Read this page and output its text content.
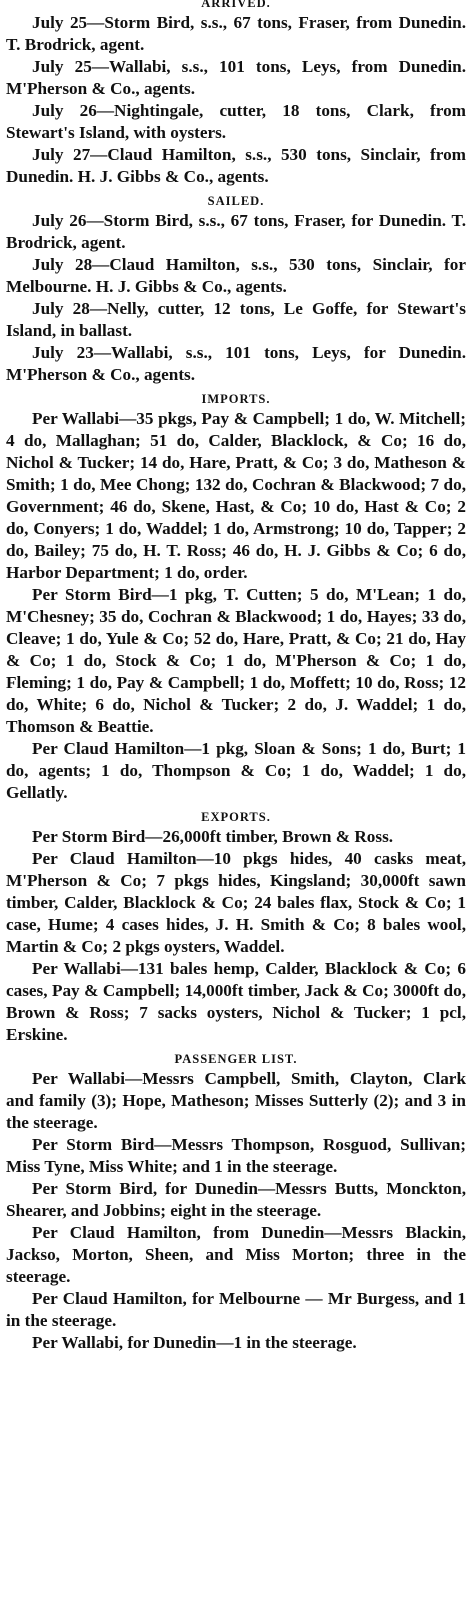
ARRIVED.

July 25—Storm Bird, s.s., 67 tons, Fraser, from Dunedin. T. Brodrick, agent.

July 25—Wallabi, s.s., 101 tons, Leys, from Dunedin. M'Pherson & Co., agents.

July 26—Nightingale, cutter, 18 tons, Clark, from Stewart's Island, with oysters.

July 27—Claud Hamilton, s.s., 530 tons, Sinclair, from Dunedin. H. J. Gibbs & Co., agents.

SAILED.

July 26—Storm Bird, s.s., 67 tons, Fraser, for Dunedin. T. Brodrick, agent.

July 28—Claud Hamilton, s.s., 530 tons, Sinclair, for Melbourne. H. J. Gibbs & Co., agents.

July 28—Nelly, cutter, 12 tons, Le Goffe, for Stewart's Island, in ballast.

July 23—Wallabi, s.s., 101 tons, Leys, for Dunedin. M'Pherson & Co., agents.

IMPORTS.

Per Wallabi—35 pkgs, Pay & Campbell; 1 do, W. Mitchell; 4 do, Mallaghan; 51 do, Calder, Blacklock, & Co; 16 do, Nichol & Tucker; 14 do, Hare, Pratt, & Co; 3 do, Matheson & Smith; 1 do, Mee Chong; 132 do, Cochran & Blackwood; 7 do, Government; 46 do, Skene, Hast, & Co; 10 do, Hast & Co; 2 do, Conyers; 1 do, Waddel; 1 do, Armstrong; 10 do, Tapper; 2 do, Bailey; 75 do, H. T. Ross; 46 do, H. J. Gibbs & Co; 6 do, Harbor Department; 1 do, order.

Per Storm Bird—1 pkg, T. Cutten; 5 do, M'Lean; 1 do, M'Chesney; 35 do, Cochran & Blackwood; 1 do, Hayes; 33 do, Cleave; 1 do, Yule & Co; 52 do, Hare, Pratt, & Co; 21 do, Hay & Co; 1 do, Stock & Co; 1 do, M'Pherson & Co; 1 do, Fleming; 1 do, Pay & Campbell; 1 do, Moffett; 10 do, Ross; 12 do, White; 6 do, Nichol & Tucker; 2 do, J. Waddel; 1 do, Thomson & Beattie.

Per Claud Hamilton—1 pkg, Sloan & Sons; 1 do, Burt; 1 do, agents; 1 do, Thompson & Co; 1 do, Waddel; 1 do, Gellatly.

EXPORTS.

Per Storm Bird—26,000ft timber, Brown & Ross.

Per Claud Hamilton—10 pkgs hides, 40 casks meat, M'Pherson & Co; 7 pkgs hides, Kingsland; 30,000ft sawn timber, Calder, Blacklock & Co; 24 bales flax, Stock & Co; 1 case, Hume; 4 cases hides, J. H. Smith & Co; 8 bales wool, Martin & Co; 2 pkgs oysters, Waddel.

Per Wallabi—131 bales hemp, Calder, Blacklock & Co; 6 cases, Pay & Campbell; 14,000ft timber, Jack & Co; 3000ft do, Brown & Ross; 7 sacks oysters, Nichol & Tucker; 1 pcl, Erskine.

PASSENGER LIST.

Per Wallabi—Messrs Campbell, Smith, Clayton, Clark and family (3); Hope, Matheson; Misses Sutterly (2); and 3 in the steerage.

Per Storm Bird—Messrs Thompson, Rosguod, Sullivan; Miss Tyne, Miss White; and 1 in the steerage.

Per Storm Bird, for Dunedin—Messrs Butts, Monckton, Shearer, and Jobbins; eight in the steerage.

Per Claud Hamilton, from Dunedin—Messrs Blackin, Jackso, Morton, Sheen, and Miss Morton; three in the steerage.

Per Claud Hamilton, for Melbourne — Mr Burgess, and 1 in the steerage.

Per Wallabi, for Dunedin—1 in the steerage.
